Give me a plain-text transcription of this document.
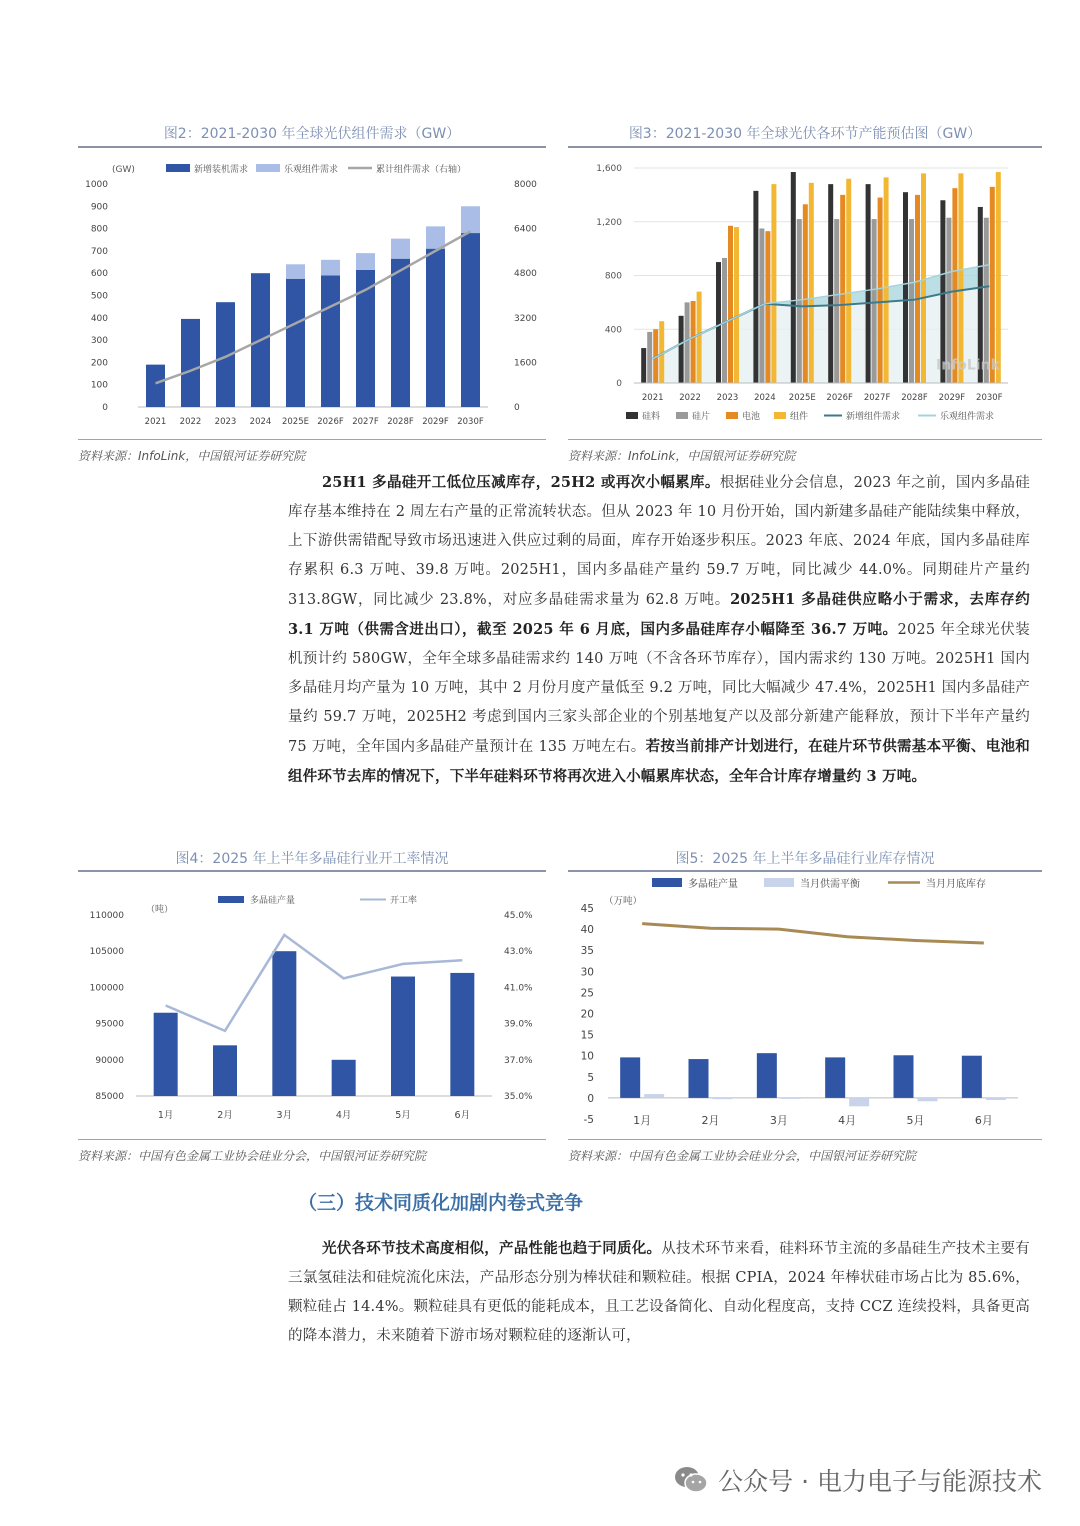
图2：2021-2030 年全球光伏组件需求（GW）
(GW)	新增装机需求	乐观组件需求	累计组件需求（右轴）
0
100
200
300
400
500
600
700
800
900
1000
0
1600
3200
4800
6400
8000
2021 2022 2023 2024 2025E 2026F 2027F 2028F 2029F 2030F
资料来源：InfoLink，中国银河证券研究院
图3：2021-2030 年全球光伏各环节产能预估图（GW）
0
400
800
1,200
1,600
2021 2022 2023 2024 2025E 2026F 2027F 2028F 2029F 2030F
InfoLink
硅料	硅片	电池	组件	新增组件需求	乐观组件需求
资料来源：InfoLink，中国银河证券研究院

25H1 多晶硅开工低位压减库存，25H2 或再次小幅累库。根据硅业分会信息，2023 年之前，国内多晶硅库存基本维持在 2 周左右产量的正常流转状态。但从 2023 年 10 月份开始，国内新建多晶硅产能陆续集中释放，上下游供需错配导致市场迅速进入供应过剩的局面，库存开始逐步积压。2023 年底、2024 年底，国内多晶硅库存累积 6.3 万吨、39.8 万吨。2025H1，国内多晶硅产量约 59.7 万吨，同比减少 44.0%。同期硅片产量约 313.8GW，同比减少 23.8%，对应多晶硅需求量为 62.8 万吨。2025H1 多晶硅供应略小于需求，去库存约 3.1 万吨（供需含进出口），截至 2025 年 6 月底，国内多晶硅库存小幅降至 36.7 万吨。2025 年全球光伏装机预计约 580GW，全年全球多晶硅需求约 140 万吨（不含各环节库存），国内需求约 130 万吨。2025H1 国内多晶硅月均产量为 10 万吨，其中 2 月份月度产量低至 9.2 万吨，同比大幅减少 47.4%，2025H1 国内多晶硅产量约 59.7 万吨，2025H2 考虑到国内三家头部企业的个别基地复产以及部分新建产能释放，预计下半年产量约 75 万吨，全年国内多晶硅产量预计在 135 万吨左右。若按当前排产计划进行，在硅片环节供需基本平衡、电池和组件环节去库的情况下，下半年硅料环节将再次进入小幅累库状态，全年合计库存增量约 3 万吨。

图4：2025 年上半年多晶硅行业开工率情况
（吨）
多晶硅产量	开工率
85000
90000
95000
100000
105000
110000
35.0%
37.0%
39.0%
41.0%
43.0%
45.0%
1月	2月	3月	4月	5月	6月
资料来源：中国有色金属工业协会硅业分会，中国银河证券研究院
图5：2025 年上半年多晶硅行业库存情况
（万吨）
多晶硅产量	当月供需平衡	当月月底库存
-5
0
5
10
15
20
25
30
35
40
45
1月	2月	3月	4月	5月	6月
资料来源：中国有色金属工业协会硅业分会，中国银河证券研究院
（三）技术同质化加剧内卷式竞争

光伏各环节技术高度相似，产品性能也趋于同质化。从技术环节来看，硅料环节主流的多晶硅生产技术主要有三氯氢硅法和硅烷流化床法，产品形态分别为棒状硅和颗粒硅。根据 CPIA，2024 年棒状硅市场占比为 85.6%，颗粒硅占 14.4%。颗粒硅具有更低的能耗成本，且工艺设备简化、自动化程度高，支持 CCZ 连续投料，具备更高的降本潜力，未来随着下游市场对颗粒硅的逐渐认可，

公众号 · 电力电子与能源技术
